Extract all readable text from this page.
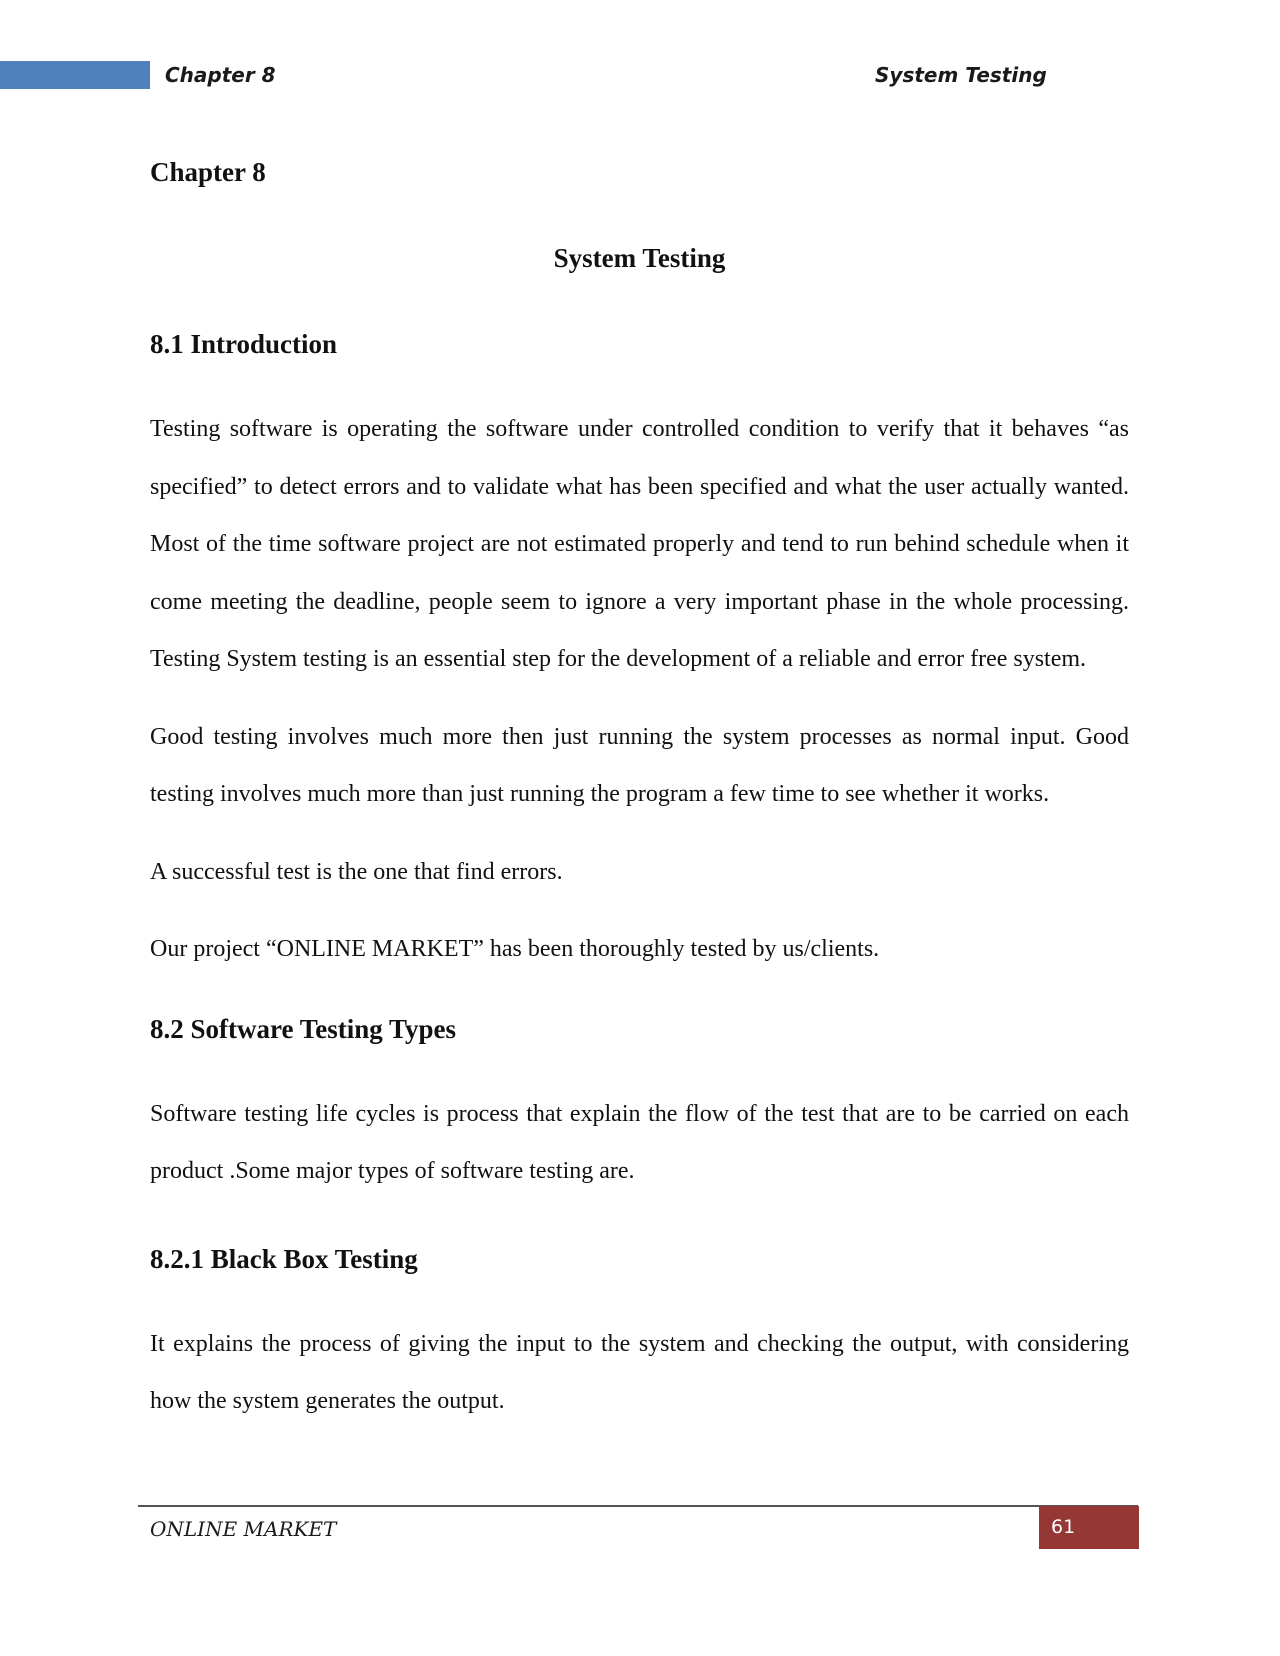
Chapter 8	System Testing
Chapter 8
System Testing
8.1 Introduction

Testing software is operating the software under controlled condition to verify that it behaves “as specified” to detect errors and to validate what has been specified and what the user actually wanted. Most of the time software project are not estimated properly and tend to run behind schedule when it come meeting the deadline, people seem to ignore a very important phase in the whole processing. Testing System testing is an essential step for the development of a reliable and error free system.

Good testing involves much more then just running the system processes as normal input. Good testing involves much more than just running the program a few time to see whether it works.

A successful test is the one that find errors.

Our project “ONLINE MARKET” has been thoroughly tested by us/clients.

8.2 Software Testing Types

Software testing life cycles is process that explain the flow of the test that are to be carried on each product .Some major types of software testing are.

8.2.1 Black Box Testing

It explains the process of giving the input to the system and checking the output, with considering how the system generates the output.

ONLINE MARKET	61
